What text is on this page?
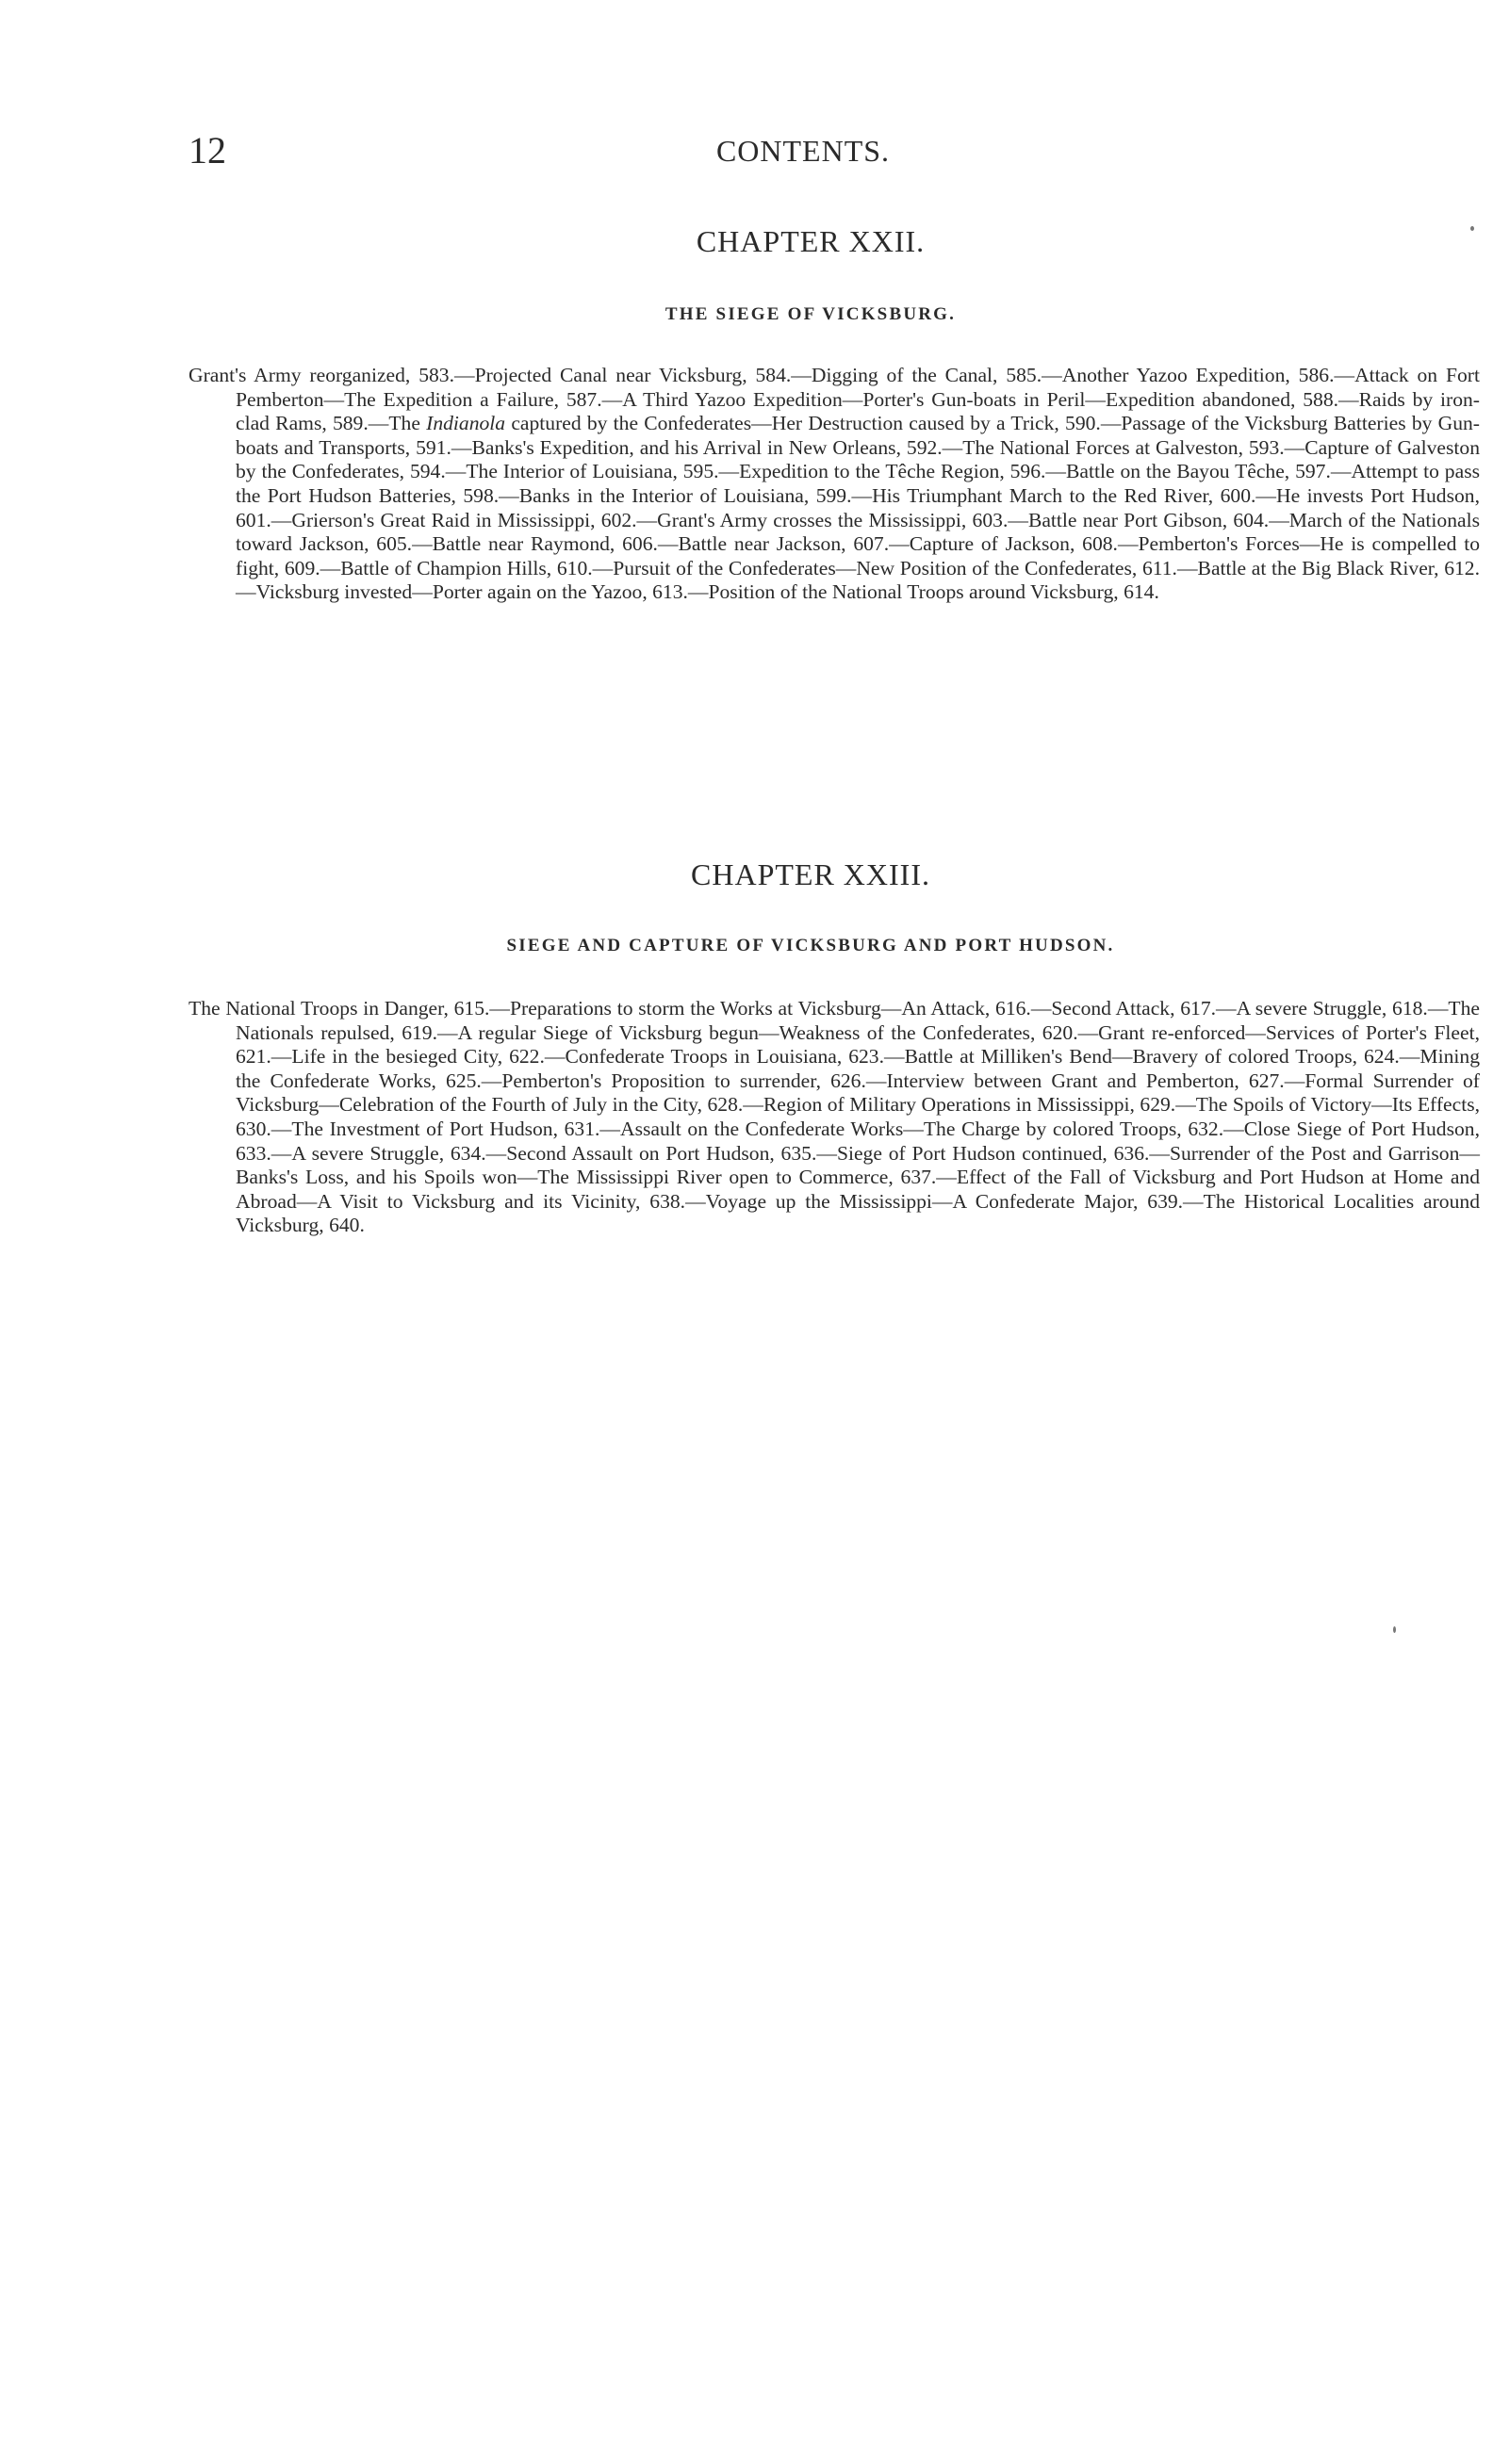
12	CONTENTS.
CHAPTER XXII.
THE SIEGE OF VICKSBURG.
Grant's Army reorganized, 583.—Projected Canal near Vicksburg, 584.—Digging of the Canal, 585.—Another Yazoo Expedition, 586.—Attack on Fort Pemberton—The Expedition a Failure, 587.—A Third Yazoo Expedition—Porter's Gun-boats in Peril—Expedition abandoned, 588.—Raids by iron-clad Rams, 589.—The Indianola captured by the Confederates—Her Destruction caused by a Trick, 590.—Passage of the Vicksburg Batteries by Gun-boats and Transports, 591.—Banks's Expedition, and his Arrival in New Orleans, 592.—The National Forces at Galveston, 593.—Capture of Galveston by the Confederates, 594.—The Interior of Louisiana, 595.—Expedition to the Têche Region, 596.—Battle on the Bayou Têche, 597.—Attempt to pass the Port Hudson Batteries, 598.—Banks in the Interior of Louisiana, 599.—His Triumphant March to the Red River, 600.—He invests Port Hudson, 601.—Grierson's Great Raid in Mississippi, 602.—Grant's Army crosses the Mississippi, 603.—Battle near Port Gibson, 604.—March of the Nationals toward Jackson, 605.—Battle near Raymond, 606.—Battle near Jackson, 607.—Capture of Jackson, 608.—Pemberton's Forces—He is compelled to fight, 609.—Battle of Champion Hills, 610.—Pursuit of the Confederates—New Position of the Confederates, 611.—Battle at the Big Black River, 612.—Vicksburg invested—Porter again on the Yazoo, 613.—Position of the National Troops around Vicksburg, 614.
CHAPTER XXIII.
SIEGE AND CAPTURE OF VICKSBURG AND PORT HUDSON.
The National Troops in Danger, 615.—Preparations to storm the Works at Vicksburg—An Attack, 616.—Second Attack, 617.—A severe Struggle, 618.—The Nationals repulsed, 619.—A regular Siege of Vicksburg begun—Weakness of the Confederates, 620.—Grant re-enforced—Services of Porter's Fleet, 621.—Life in the besieged City, 622.—Confederate Troops in Louisiana, 623.—Battle at Milliken's Bend—Bravery of colored Troops, 624.—Mining the Confederate Works, 625.—Pemberton's Proposition to surrender, 626.—Interview between Grant and Pemberton, 627.—Formal Surrender of Vicksburg—Celebration of the Fourth of July in the City, 628.—Region of Military Operations in Mississippi, 629.—The Spoils of Victory—Its Effects, 630.—The Investment of Port Hudson, 631.—Assault on the Confederate Works—The Charge by colored Troops, 632.—Close Siege of Port Hudson, 633.—A severe Struggle, 634.—Second Assault on Port Hudson, 635.—Siege of Port Hudson continued, 636.—Surrender of the Post and Garrison—Banks's Loss, and his Spoils won—The Mississippi River open to Commerce, 637.—Effect of the Fall of Vicksburg and Port Hudson at Home and Abroad—A Visit to Vicksburg and its Vicinity, 638.—Voyage up the Mississippi—A Confederate Major, 639.—The Historical Localities around Vicksburg, 640.
